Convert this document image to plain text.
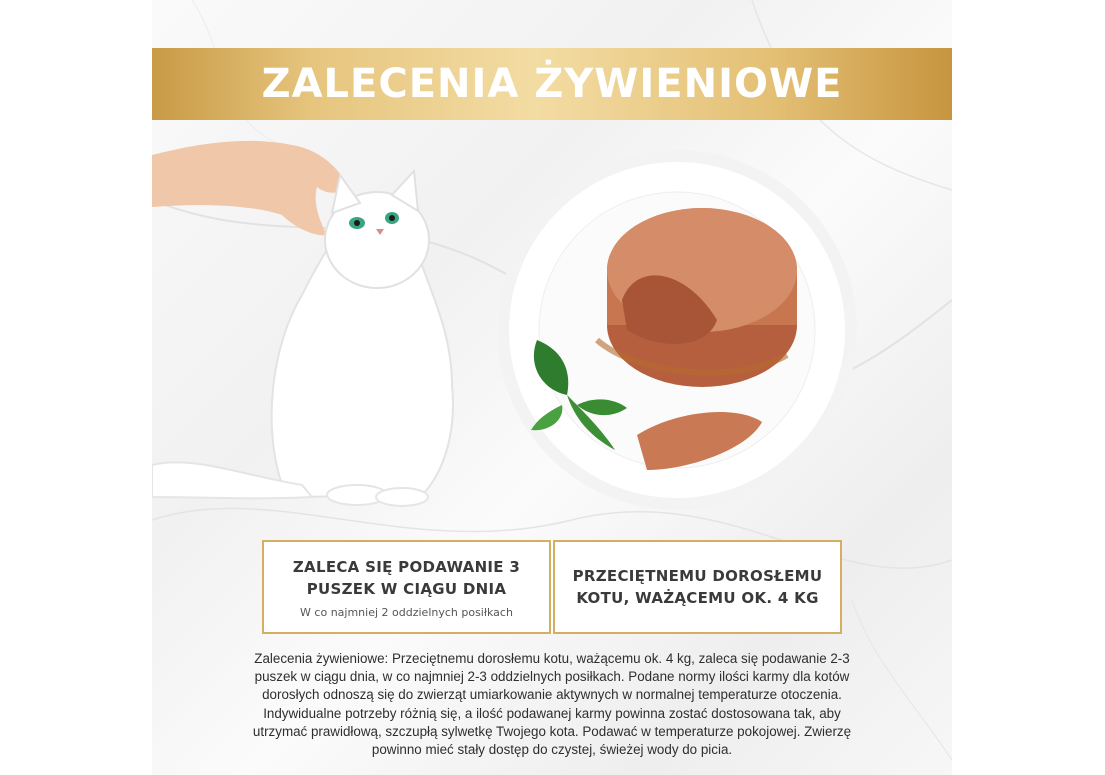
ZALECENIA ŻYWIENIOWE
ZALECA SIĘ PODAWANIE 3 PUSZEK W CIĄGU DNIA
W co najmniej 2 oddzielnych posiłkach
PRZECIĘTNEMU DOROSŁEMU KOTU, WAŻĄCEMU OK. 4 KG
Zalecenia żywieniowe: Przeciętnemu dorosłemu kotu, ważącemu ok. 4 kg, zaleca się podawanie 2-3 puszek w ciągu dnia, w co najmniej 2-3 oddzielnych posiłkach. Podane normy ilości karmy dla kotów dorosłych odnoszą się do zwierząt umiarkowanie aktywnych w normalnej temperaturze otoczenia. Indywidualne potrzeby różnią się, a ilość podawanej karmy powinna zostać dostosowana tak, aby utrzymać prawidłową, szczupłą sylwetkę Twojego kota. Podawać w temperaturze pokojowej. Zwierzę powinno mieć stały dostęp do czystej, świeżej wody do picia.
